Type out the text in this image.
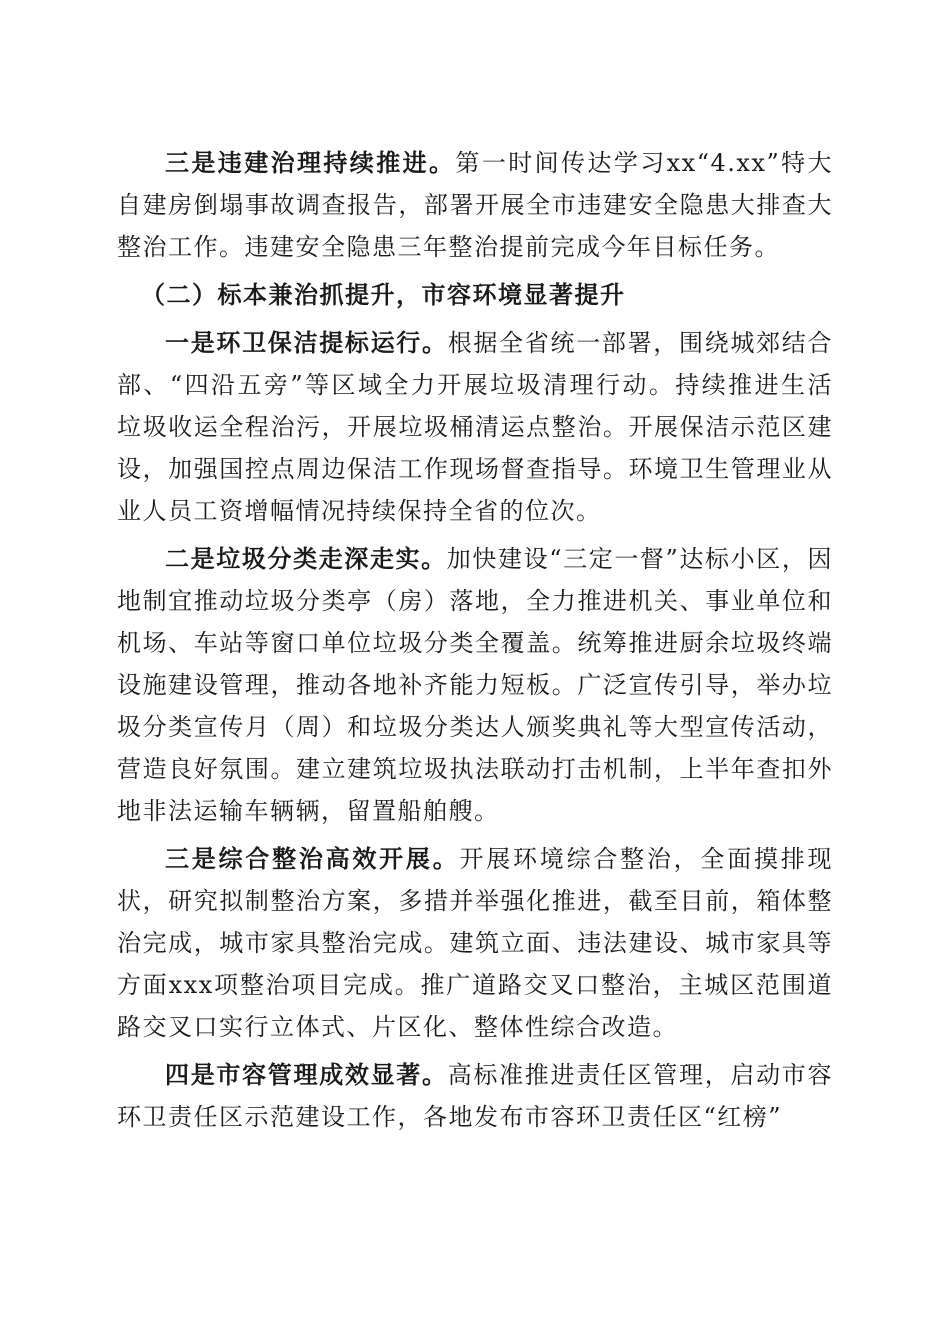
三是违建治理持续推进。第一时间传达学习xx“4.xx”特大自建房倒塌事故调查报告，部署开展全市违建安全隐患大排查大整治工作。违建安全隐患三年整治提前完成今年目标任务。

（二）标本兼治抓提升，市容环境显著提升

一是环卫保洁提标运行。根据全省统一部署，围绕城郊结合部、“四沿五旁”等区域全力开展垃圾清理行动。持续推进生活垃圾收运全程治污，开展垃圾桶清运点整治。开展保洁示范区建设，加强国控点周边保洁工作现场督查指导。环境卫生管理业从业人员工资增幅情况持续保持全省的位次。

二是垃圾分类走深走实。加快建设“三定一督”达标小区，因地制宜推动垃圾分类亭（房）落地，全力推进机关、事业单位和机场、车站等窗口单位垃圾分类全覆盖。统筹推进厨余垃圾终端设施建设管理，推动各地补齐能力短板。广泛宣传引导，举办垃圾分类宣传月（周）和垃圾分类达人颁奖典礼等大型宣传活动，营造良好氛围。建立建筑垃圾执法联动打击机制，上半年查扣外地非法运输车辆辆，留置船舶艘。

三是综合整治高效开展。开展环境综合整治，全面摸排现状，研究拟制整治方案，多措并举强化推进，截至目前，箱体整治完成，城市家具整治完成。建筑立面、违法建设、城市家具等方面xxx项整治项目完成。推广道路交叉口整治，主城区范围道路交叉口实行立体式、片区化、整体性综合改造。

四是市容管理成效显著。高标准推进责任区管理，启动市容环卫责任区示范建设工作，各地发布市容环卫责任区“红榜”
